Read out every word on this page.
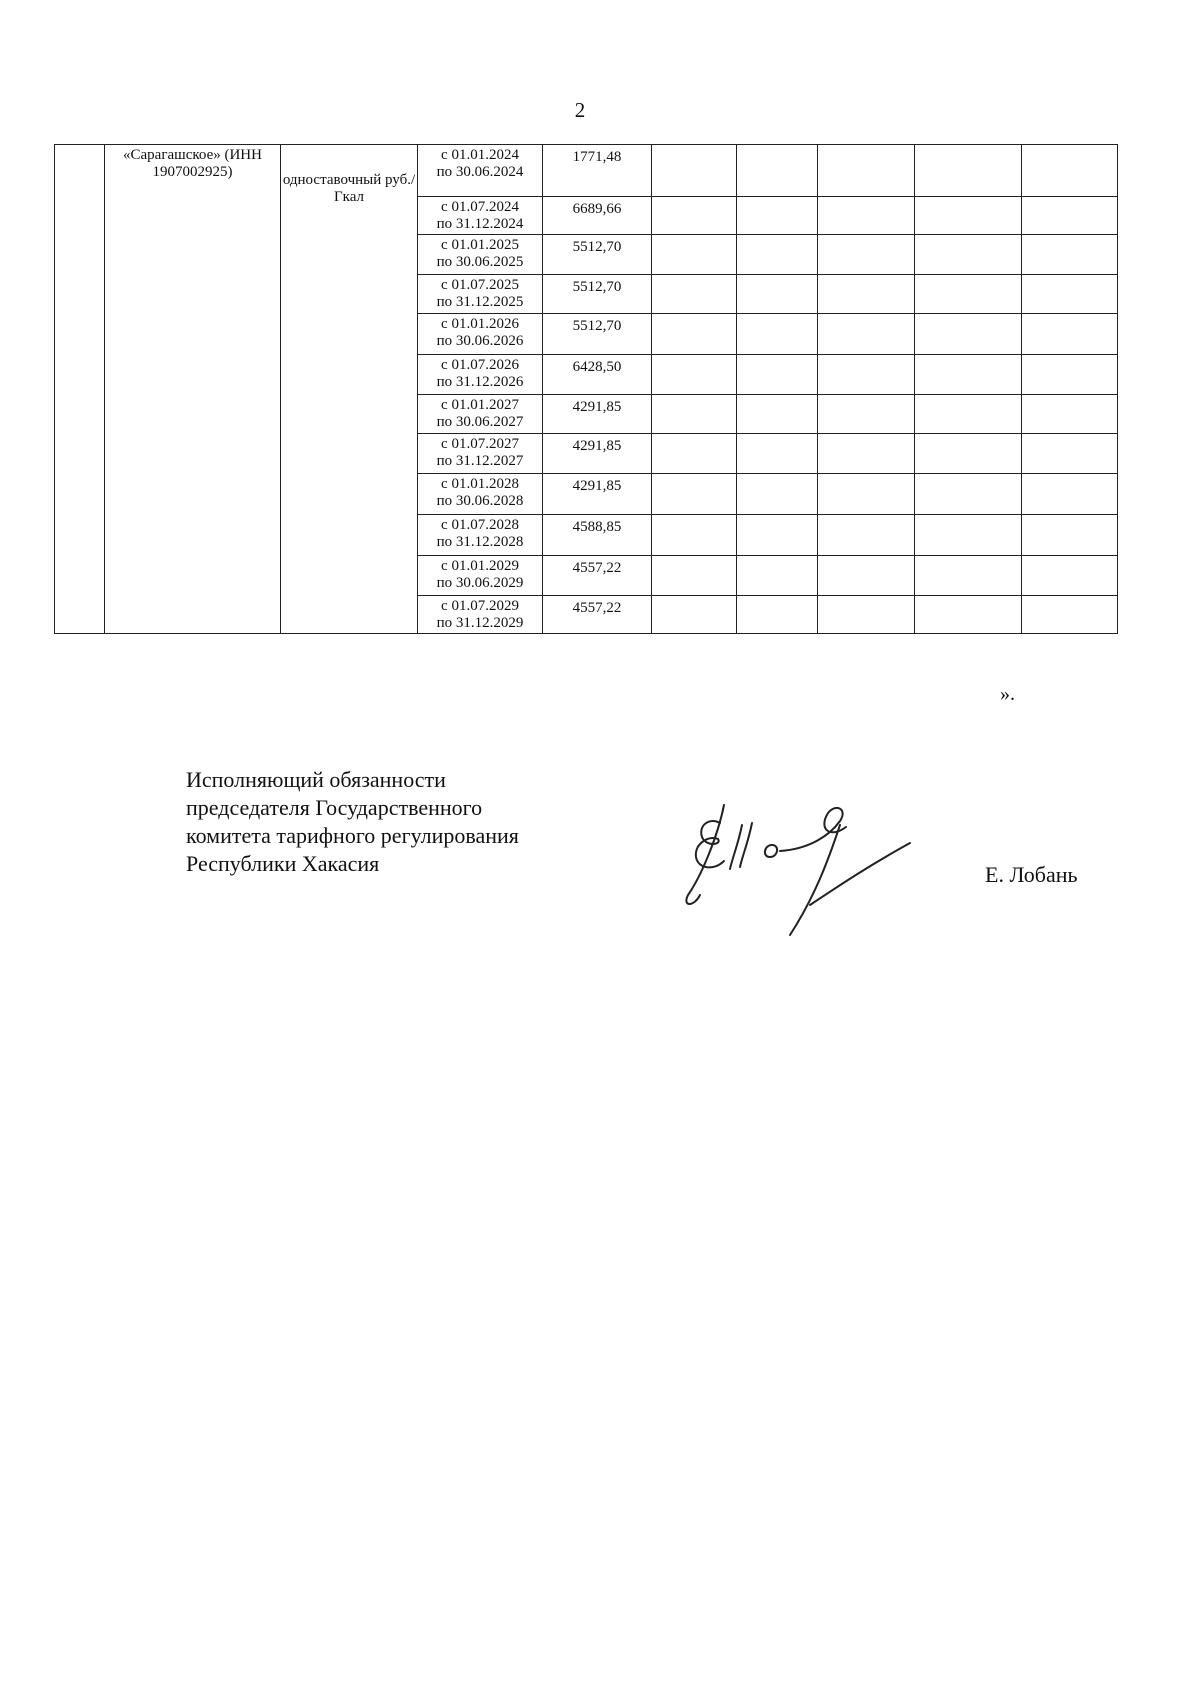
2

	«Сарагашское» (ИНН 1907002925)	одноставочный руб./Гкал	с 01.01.2024
по 30.06.2024	1771,48					

			с 01.07.2024
по 31.12.2024	6689,66					

			с 01.01.2025
по 30.06.2025	5512,70					

			с 01.07.2025
по 31.12.2025	5512,70					

			с 01.01.2026
по 30.06.2026	5512,70					

			с 01.07.2026
по 31.12.2026	6428,50					

			с 01.01.2027
по 30.06.2027	4291,85					

			с 01.07.2027
по 31.12.2027	4291,85					

			с 01.01.2028
по 30.06.2028	4291,85					

			с 01.07.2028
по 31.12.2028	4588,85					

			с 01.01.2029
по 30.06.2029	4557,22					

			с 01.07.2029
по 31.12.2029	4557,22					
».
Исполняющий обязанности
председателя Государственного
комитета тарифного регулирования
Республики Хакасия	Е. Лобань
